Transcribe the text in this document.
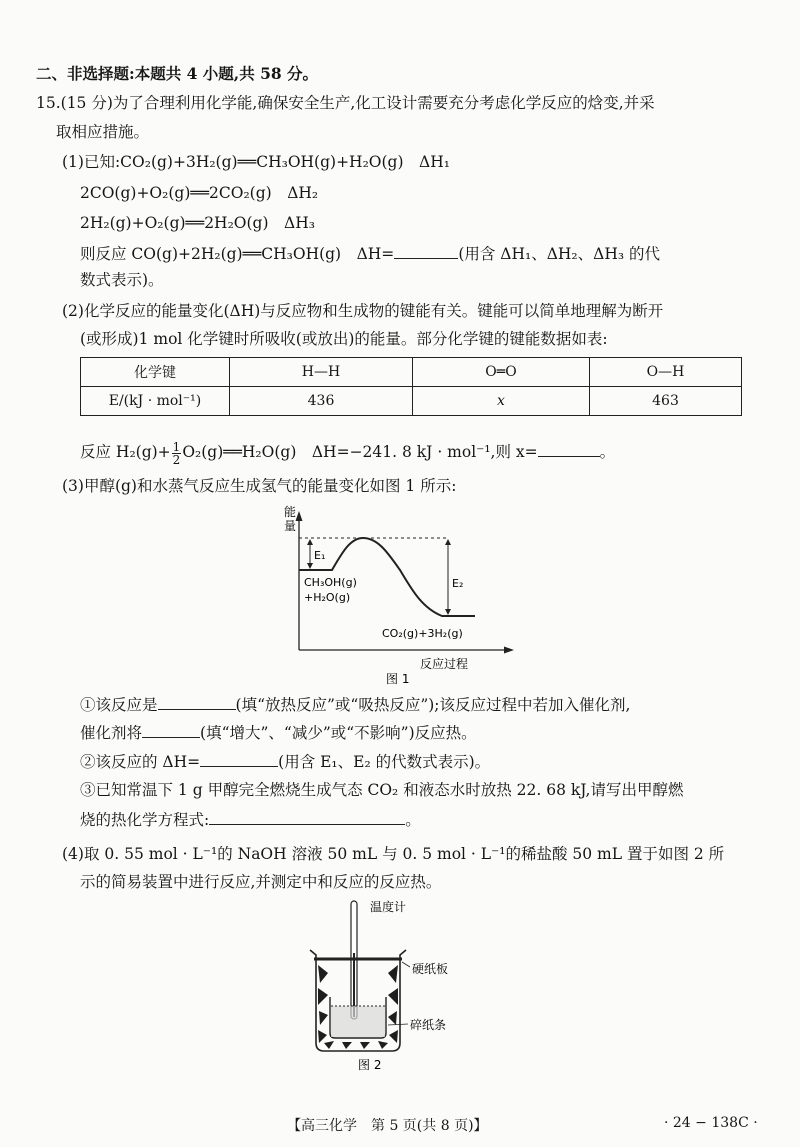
二、非选择题:本题共 4 小题,共 58 分。
15.(15 分)为了合理利用化学能,确保安全生产,化工设计需要充分考虑化学反应的焓变,并采
取相应措施。
(1)已知:CO₂(g)+3H₂(g)══CH₃OH(g)+H₂O(g)　ΔH₁
2CO(g)+O₂(g)══2CO₂(g)　ΔH₂
2H₂(g)+O₂(g)══2H₂O(g)　ΔH₃
则反应 CO(g)+2H₂(g)══CH₃OH(g)　ΔH=	(用含 ΔH₁、ΔH₂、ΔH₃ 的代
数式表示)。
(2)化学反应的能量变化(ΔH)与反应物和生成物的键能有关。键能可以简单地理解为断开
(或形成)1 mol 化学键时所吸收(或放出)的能量。部分化学键的键能数据如表:
化学键	H—H	O═O	O—H
E/(kJ · mol⁻¹)	436	x	463
反应 $H_2(g)+ \frac{1}{2}$ O₂(g)══H₂O(g)　ΔH=−241. 8 kJ · mol⁻¹,则 x=	。
(3)甲醇(g)和水蒸气反应生成氢气的能量变化如图 1 所示:
能
量
E₁
E₂
CH₃OH(g)
+H₂O(g)
CO₂(g)+3H₂(g)
反应过程
图 1
①该反应是	(填“放热反应”或“吸热反应”);该反应过程中若加入催化剂,
催化剂将	(填“增大”、“减少”或“不影响”)反应热。
②该反应的 ΔH=	(用含 E₁、E₂ 的代数式表示)。
③已知常温下 1 g 甲醇完全燃烧生成气态 CO₂ 和液态水时放热 22. 68 kJ,请写出甲醇燃
烧的热化学方程式:	。
(4)取 0. 55 mol · L⁻¹的 NaOH 溶液 50 mL 与 0. 5 mol · L⁻¹的稀盐酸 50 mL 置于如图 2 所
示的简易装置中进行反应,并测定中和反应的反应热。
温度计
硬纸板
碎纸条
图 2
【高三化学　第 5 页(共 8 页)】	· 24 − 138C ·
